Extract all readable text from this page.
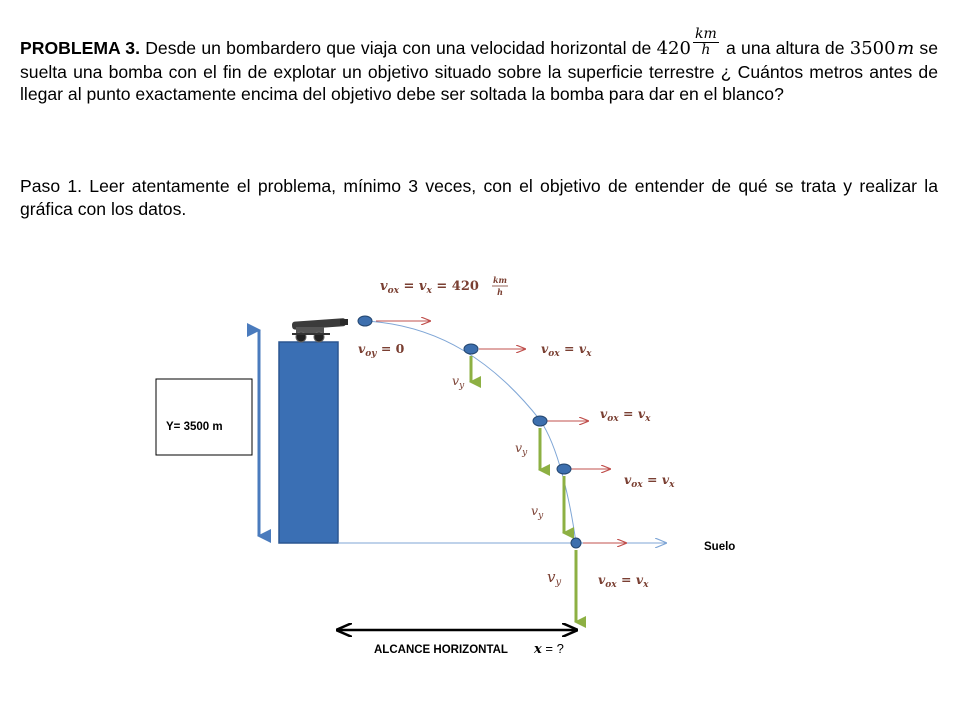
PROBLEMA 3. Desde un bombardero que viaja con una velocidad horizontal de $420 \frac{km}{h}$ a una altura de 3500 m se suelta una bomba con el fin de explotar un objetivo situado sobre la superficie terrestre ¿ Cuántos metros antes de llegar al punto exactamente encima del objetivo debe ser soltada la bomba para dar en el blanco?

Paso 1. Leer atentamente el problema, mínimo 3 veces, con el objetivo de entender de qué se trata y realizar la gráfica con los datos.

Y= 3500 m
Suelo
$v_{ox} = v_x = 420$ km
h
$v_{oy} = 0$	$v_{ox} = v_x$
$v_{ox} = v_x$
$v_{ox} = v_x$
$v_{ox} = v_x$
$v_y$
$v_y$
$v_y$
$v_y$
ALCANCE HORIZONTAL x = ?
